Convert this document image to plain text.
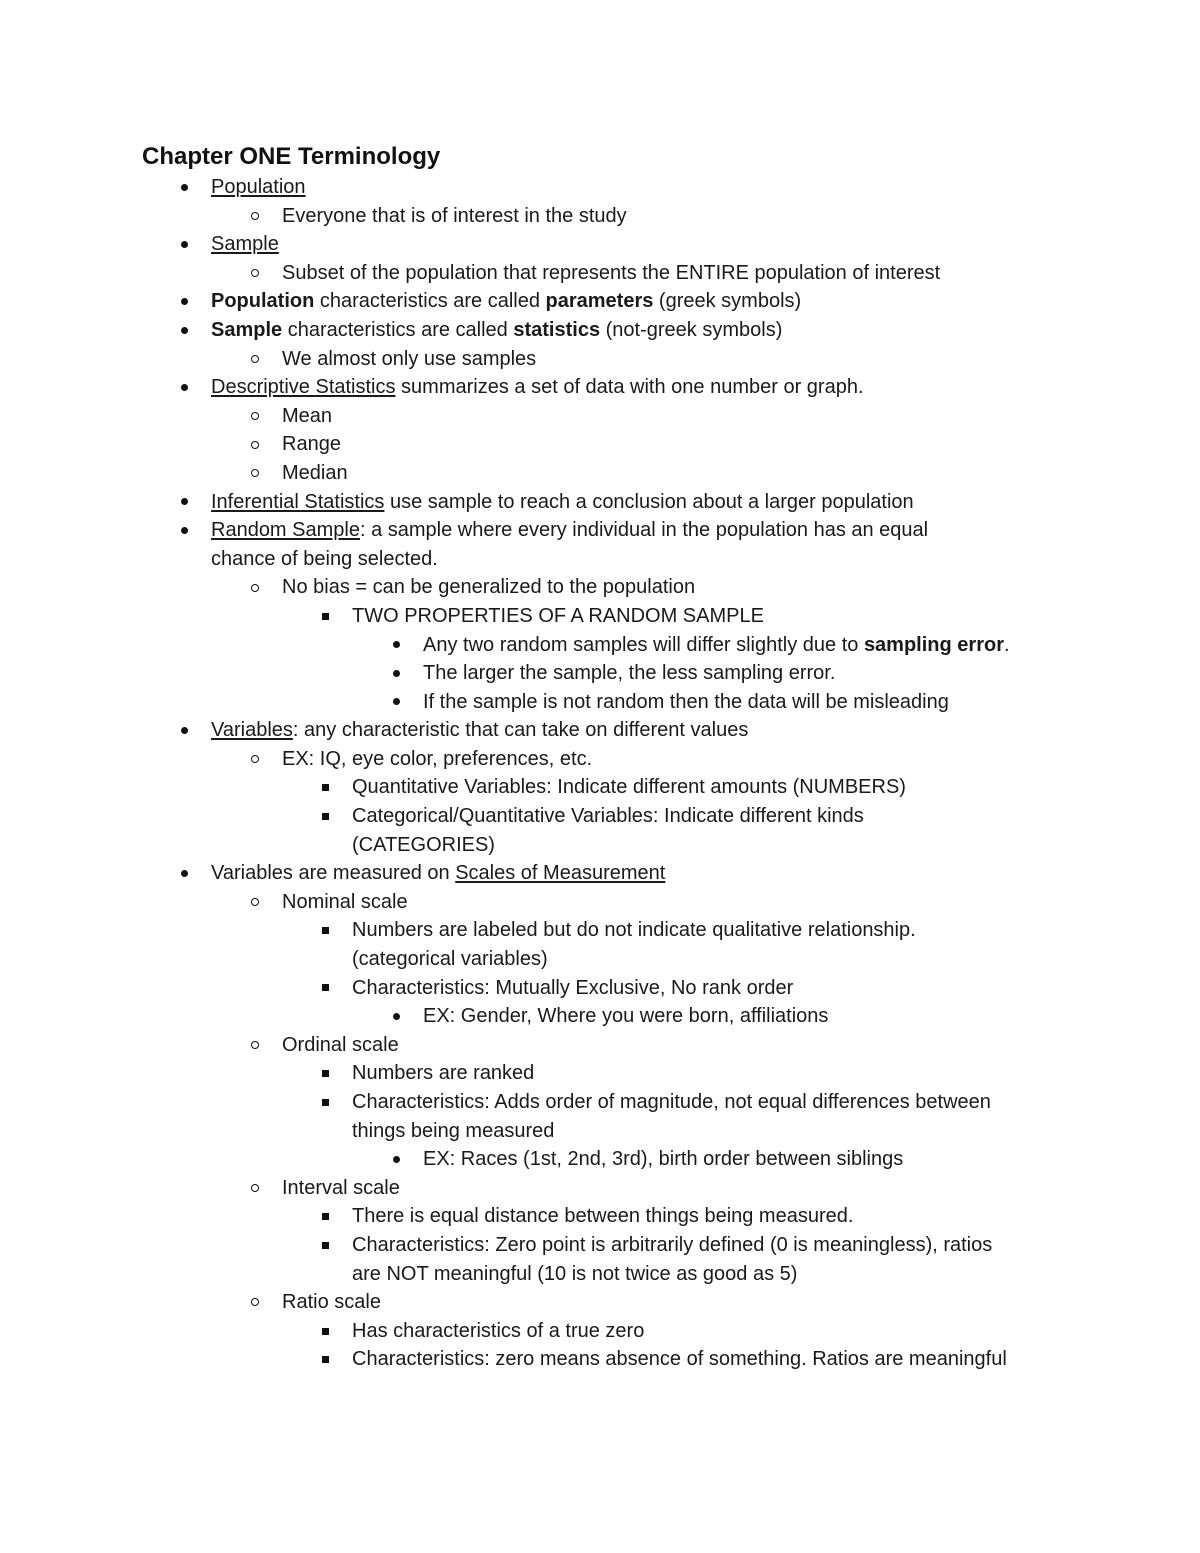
Chapter ONE Terminology
Population
Everyone that is of interest in the study
Sample
Subset of the population that represents the ENTIRE population of interest
Population characteristics are called parameters (greek symbols)
Sample characteristics are called statistics (not-greek symbols)
We almost only use samples
Descriptive Statistics summarizes a set of data with one number or graph.
Mean
Range
Median
Inferential Statistics use sample to reach a conclusion about a larger population
Random Sample: a sample where every individual in the population has an equal
chance of being selected.
No bias = can be generalized to the population
TWO PROPERTIES OF A RANDOM SAMPLE
Any two random samples will differ slightly due to sampling error.
The larger the sample, the less sampling error.
If the sample is not random then the data will be misleading
Variables: any characteristic that can take on different values
EX: IQ, eye color, preferences, etc.
Quantitative Variables: Indicate different amounts (NUMBERS)
Categorical/Quantitative Variables: Indicate different kinds
(CATEGORIES)
Variables are measured on Scales of Measurement
Nominal scale
Numbers are labeled but do not indicate qualitative relationship.
(categorical variables)
Characteristics: Mutually Exclusive, No rank order
EX: Gender, Where you were born, affiliations
Ordinal scale
Numbers are ranked
Characteristics: Adds order of magnitude, not equal differences between
things being measured
EX: Races (1st, 2nd, 3rd), birth order between siblings
Interval scale
There is equal distance between things being measured.
Characteristics: Zero point is arbitrarily defined (0 is meaningless), ratios
are NOT meaningful (10 is not twice as good as 5)
Ratio scale
Has characteristics of a true zero
Characteristics: zero means absence of something. Ratios are meaningful
